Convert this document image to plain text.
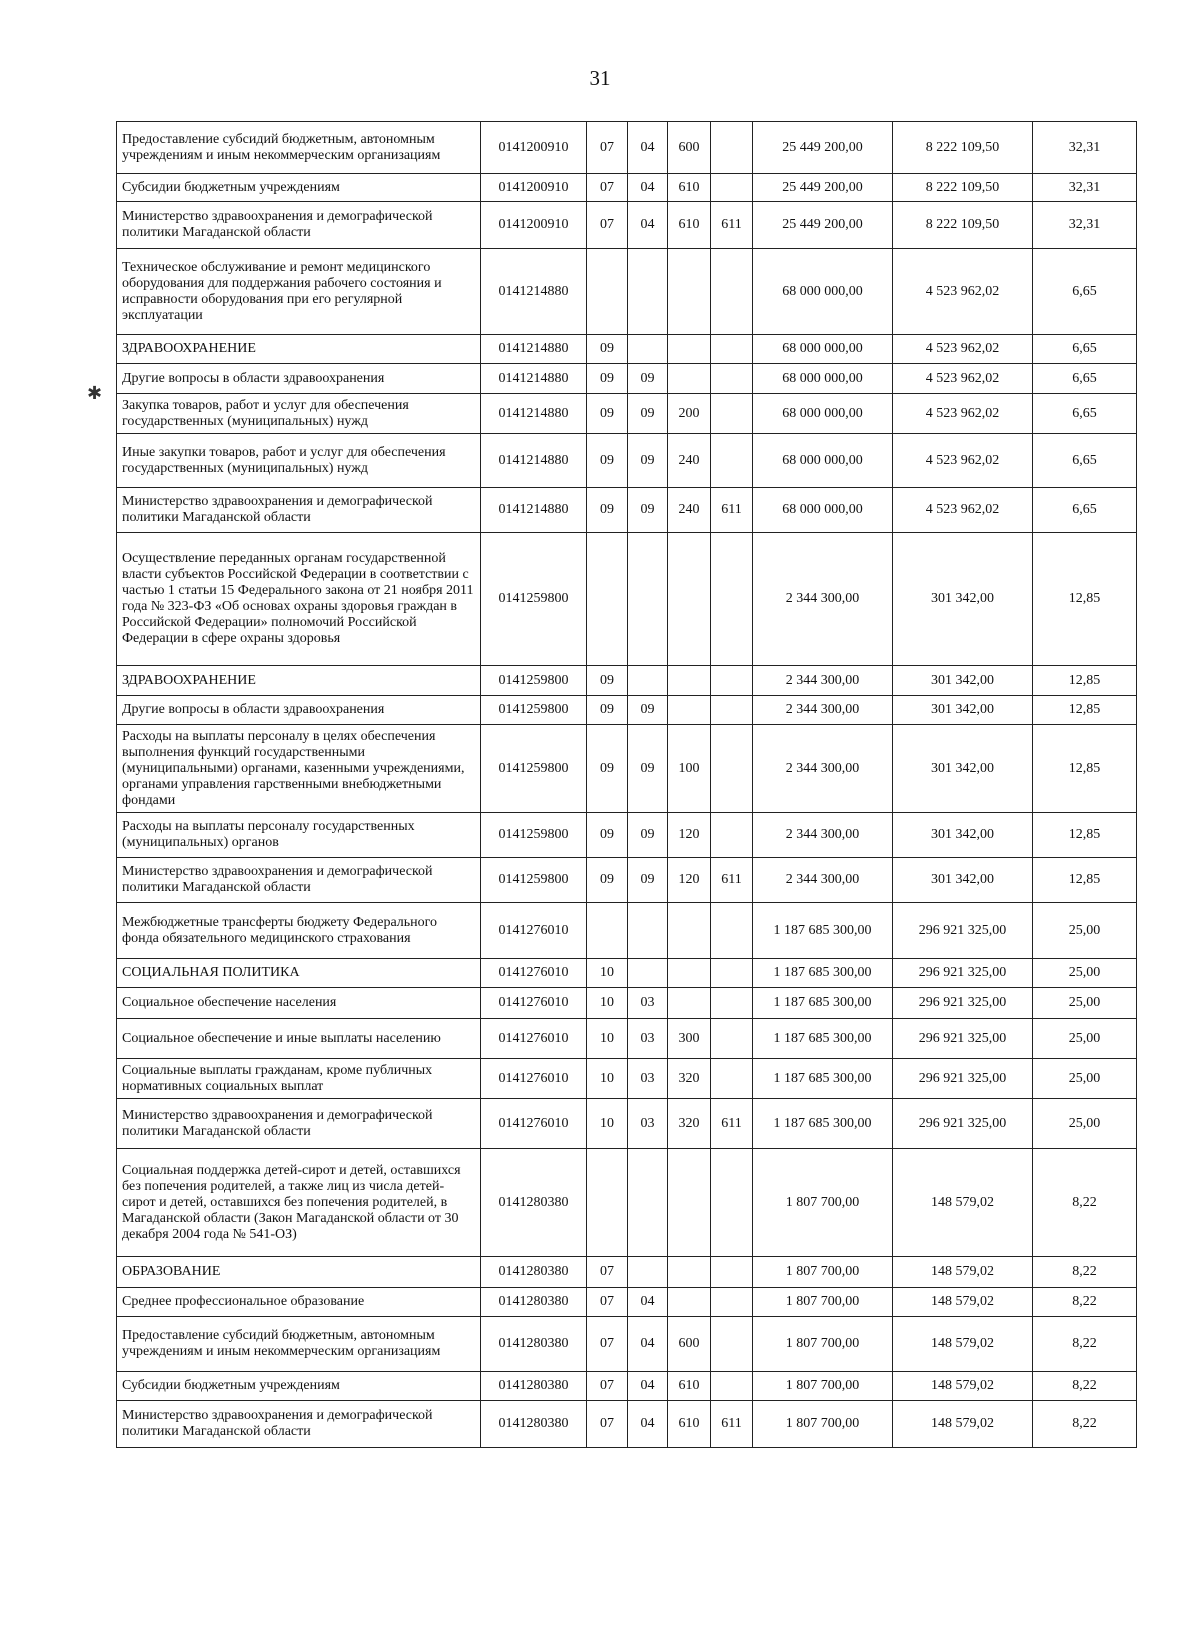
31
✱
Предоставление субсидий бюджетным, автономным учреждениям и иным некоммерческим организациям	0141200910	07	04	600		25 449 200,00	8 222 109,50	32,31
Субсидии бюджетным учреждениям	0141200910	07	04	610		25 449 200,00	8 222 109,50	32,31
Министерство здравоохранения и демографической политики Магаданской области	0141200910	07	04	610	611	25 449 200,00	8 222 109,50	32,31
Техническое обслуживание и ремонт медицинского оборудования для поддержания рабочего состояния и исправности оборудования при его регулярной эксплуатации	0141214880					68 000 000,00	4 523 962,02	6,65
ЗДРАВООХРАНЕНИЕ	0141214880	09				68 000 000,00	4 523 962,02	6,65
Другие вопросы в области здравоохранения	0141214880	09	09			68 000 000,00	4 523 962,02	6,65
Закупка товаров, работ и услуг для обеспечения государственных (муниципальных) нужд	0141214880	09	09	200		68 000 000,00	4 523 962,02	6,65
Иные закупки товаров, работ и услуг для обеспечения государственных (муниципальных) нужд	0141214880	09	09	240		68 000 000,00	4 523 962,02	6,65
Министерство здравоохранения и демографической политики Магаданской области	0141214880	09	09	240	611	68 000 000,00	4 523 962,02	6,65
Осуществление переданных органам государственной власти субъектов Российской Федерации в соответствии с частью 1 статьи 15 Федерального закона от 21 ноября 2011 года № 323-ФЗ «Об основах охраны здоровья граждан в Российской Федерации» полномочий Российской Федерации в сфере охраны здоровья	0141259800					2 344 300,00	301 342,00	12,85
ЗДРАВООХРАНЕНИЕ	0141259800	09				2 344 300,00	301 342,00	12,85
Другие вопросы в области здравоохранения	0141259800	09	09			2 344 300,00	301 342,00	12,85
Расходы на выплаты персоналу в целях обеспечения выполнения функций государственными (муниципальными) органами, казенными учреждениями, органами управления гарственными внебюджетными фондами	0141259800	09	09	100		2 344 300,00	301 342,00	12,85
Расходы на выплаты персоналу государственных (муниципальных) органов	0141259800	09	09	120		2 344 300,00	301 342,00	12,85
Министерство здравоохранения и демографической политики Магаданской области	0141259800	09	09	120	611	2 344 300,00	301 342,00	12,85
Межбюджетные трансферты бюджету Федерального фонда обязательного медицинского страхования	0141276010					1 187 685 300,00	296 921 325,00	25,00
СОЦИАЛЬНАЯ ПОЛИТИКА	0141276010	10				1 187 685 300,00	296 921 325,00	25,00
Социальное обеспечение населения	0141276010	10	03			1 187 685 300,00	296 921 325,00	25,00
Социальное обеспечение и иные выплаты населению	0141276010	10	03	300		1 187 685 300,00	296 921 325,00	25,00
Социальные выплаты гражданам, кроме публичных нормативных социальных выплат	0141276010	10	03	320		1 187 685 300,00	296 921 325,00	25,00
Министерство здравоохранения и демографической политики Магаданской области	0141276010	10	03	320	611	1 187 685 300,00	296 921 325,00	25,00
Социальная поддержка детей-сирот и детей, оставшихся без попечения родителей, а также лиц из числа детей-сирот и детей, оставшихся без попечения родителей, в Магаданской области (Закон Магаданской области от 30 декабря 2004 года № 541-ОЗ)	0141280380					1 807 700,00	148 579,02	8,22
ОБРАЗОВАНИЕ	0141280380	07				1 807 700,00	148 579,02	8,22
Среднее профессиональное образование	0141280380	07	04			1 807 700,00	148 579,02	8,22
Предоставление субсидий бюджетным, автономным учреждениям и иным некоммерческим организациям	0141280380	07	04	600		1 807 700,00	148 579,02	8,22
Субсидии бюджетным учреждениям	0141280380	07	04	610		1 807 700,00	148 579,02	8,22
Министерство здравоохранения и демографической политики Магаданской области	0141280380	07	04	610	611	1 807 700,00	148 579,02	8,22
